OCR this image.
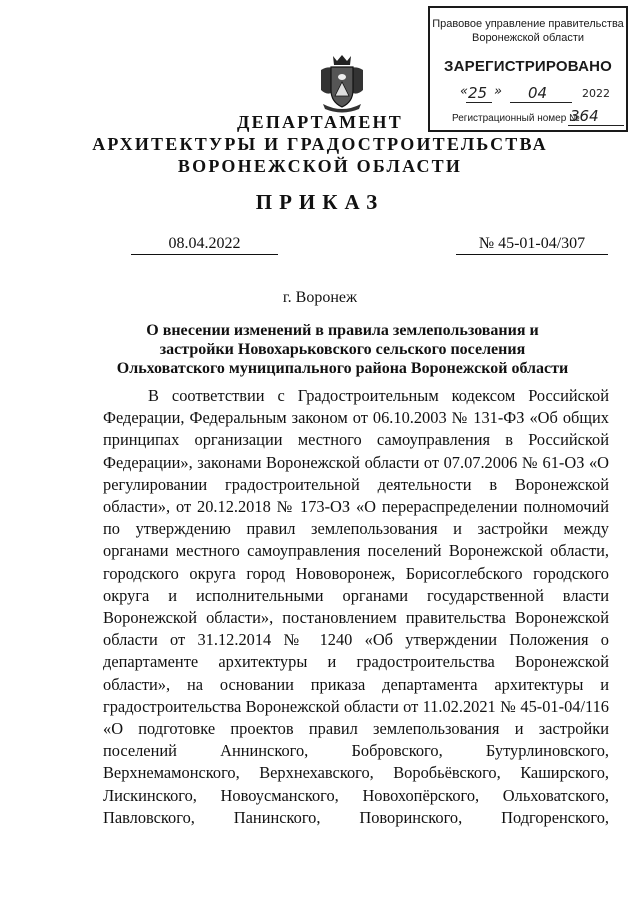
Правовое управление правительства
Воронежской области
ЗАРЕГИСТРИРОВАНО
« 25 » 04	2022
Регистрационный номер №
364
ДЕПАРТАМЕНТ
АРХИТЕКТУРЫ И ГРАДОСТРОИТЕЛЬСТВА
ВОРОНЕЖСКОЙ ОБЛАСТИ
ПРИКАЗ
08.04.2022	№ 45-01-04/307
г. Воронеж
О внесении изменений в правила землепользования и застройки Новохарьковского сельского поселения Ольховатского муниципального района Воронежской области

В соответствии с Градостроительным кодексом Российской Федерации, Федеральным законом от 06.10.2003 № 131-ФЗ «Об общих принципах организации местного самоуправления в Российской Федерации», законами Воронежской области от 07.07.2006 № 61-ОЗ «О регулировании градостроительной деятельности в Воронежской области», от 20.12.2018 № 173-ОЗ «О перераспределении полномочий по утверждению правил землепользования и застройки между органами местного самоуправления поселений Воронежской области, городского округа город Нововоронеж, Борисоглебского городского округа и исполнительными органами государственной власти Воронежской области», постановлением правительства Воронежской области от 31.12.2014 № 1240 «Об утверждении Положения о департаменте архитектуры и градостроительства Воронежской области», на основании приказа департамента архитектуры и градостроительства Воронежской области от 11.02.2021 № 45-01-04/116 «О подготовке проектов правил землепользования и застройки поселений Аннинского, Бобровского, Бутурлиновского, Верхнемамонского, Верхнехавского, Воробьёвского, Каширского, Лискинского, Новоусманского, Новохопёрского, Ольховатского, Павловского, Панинского, Поворинского, Подгоренского,
